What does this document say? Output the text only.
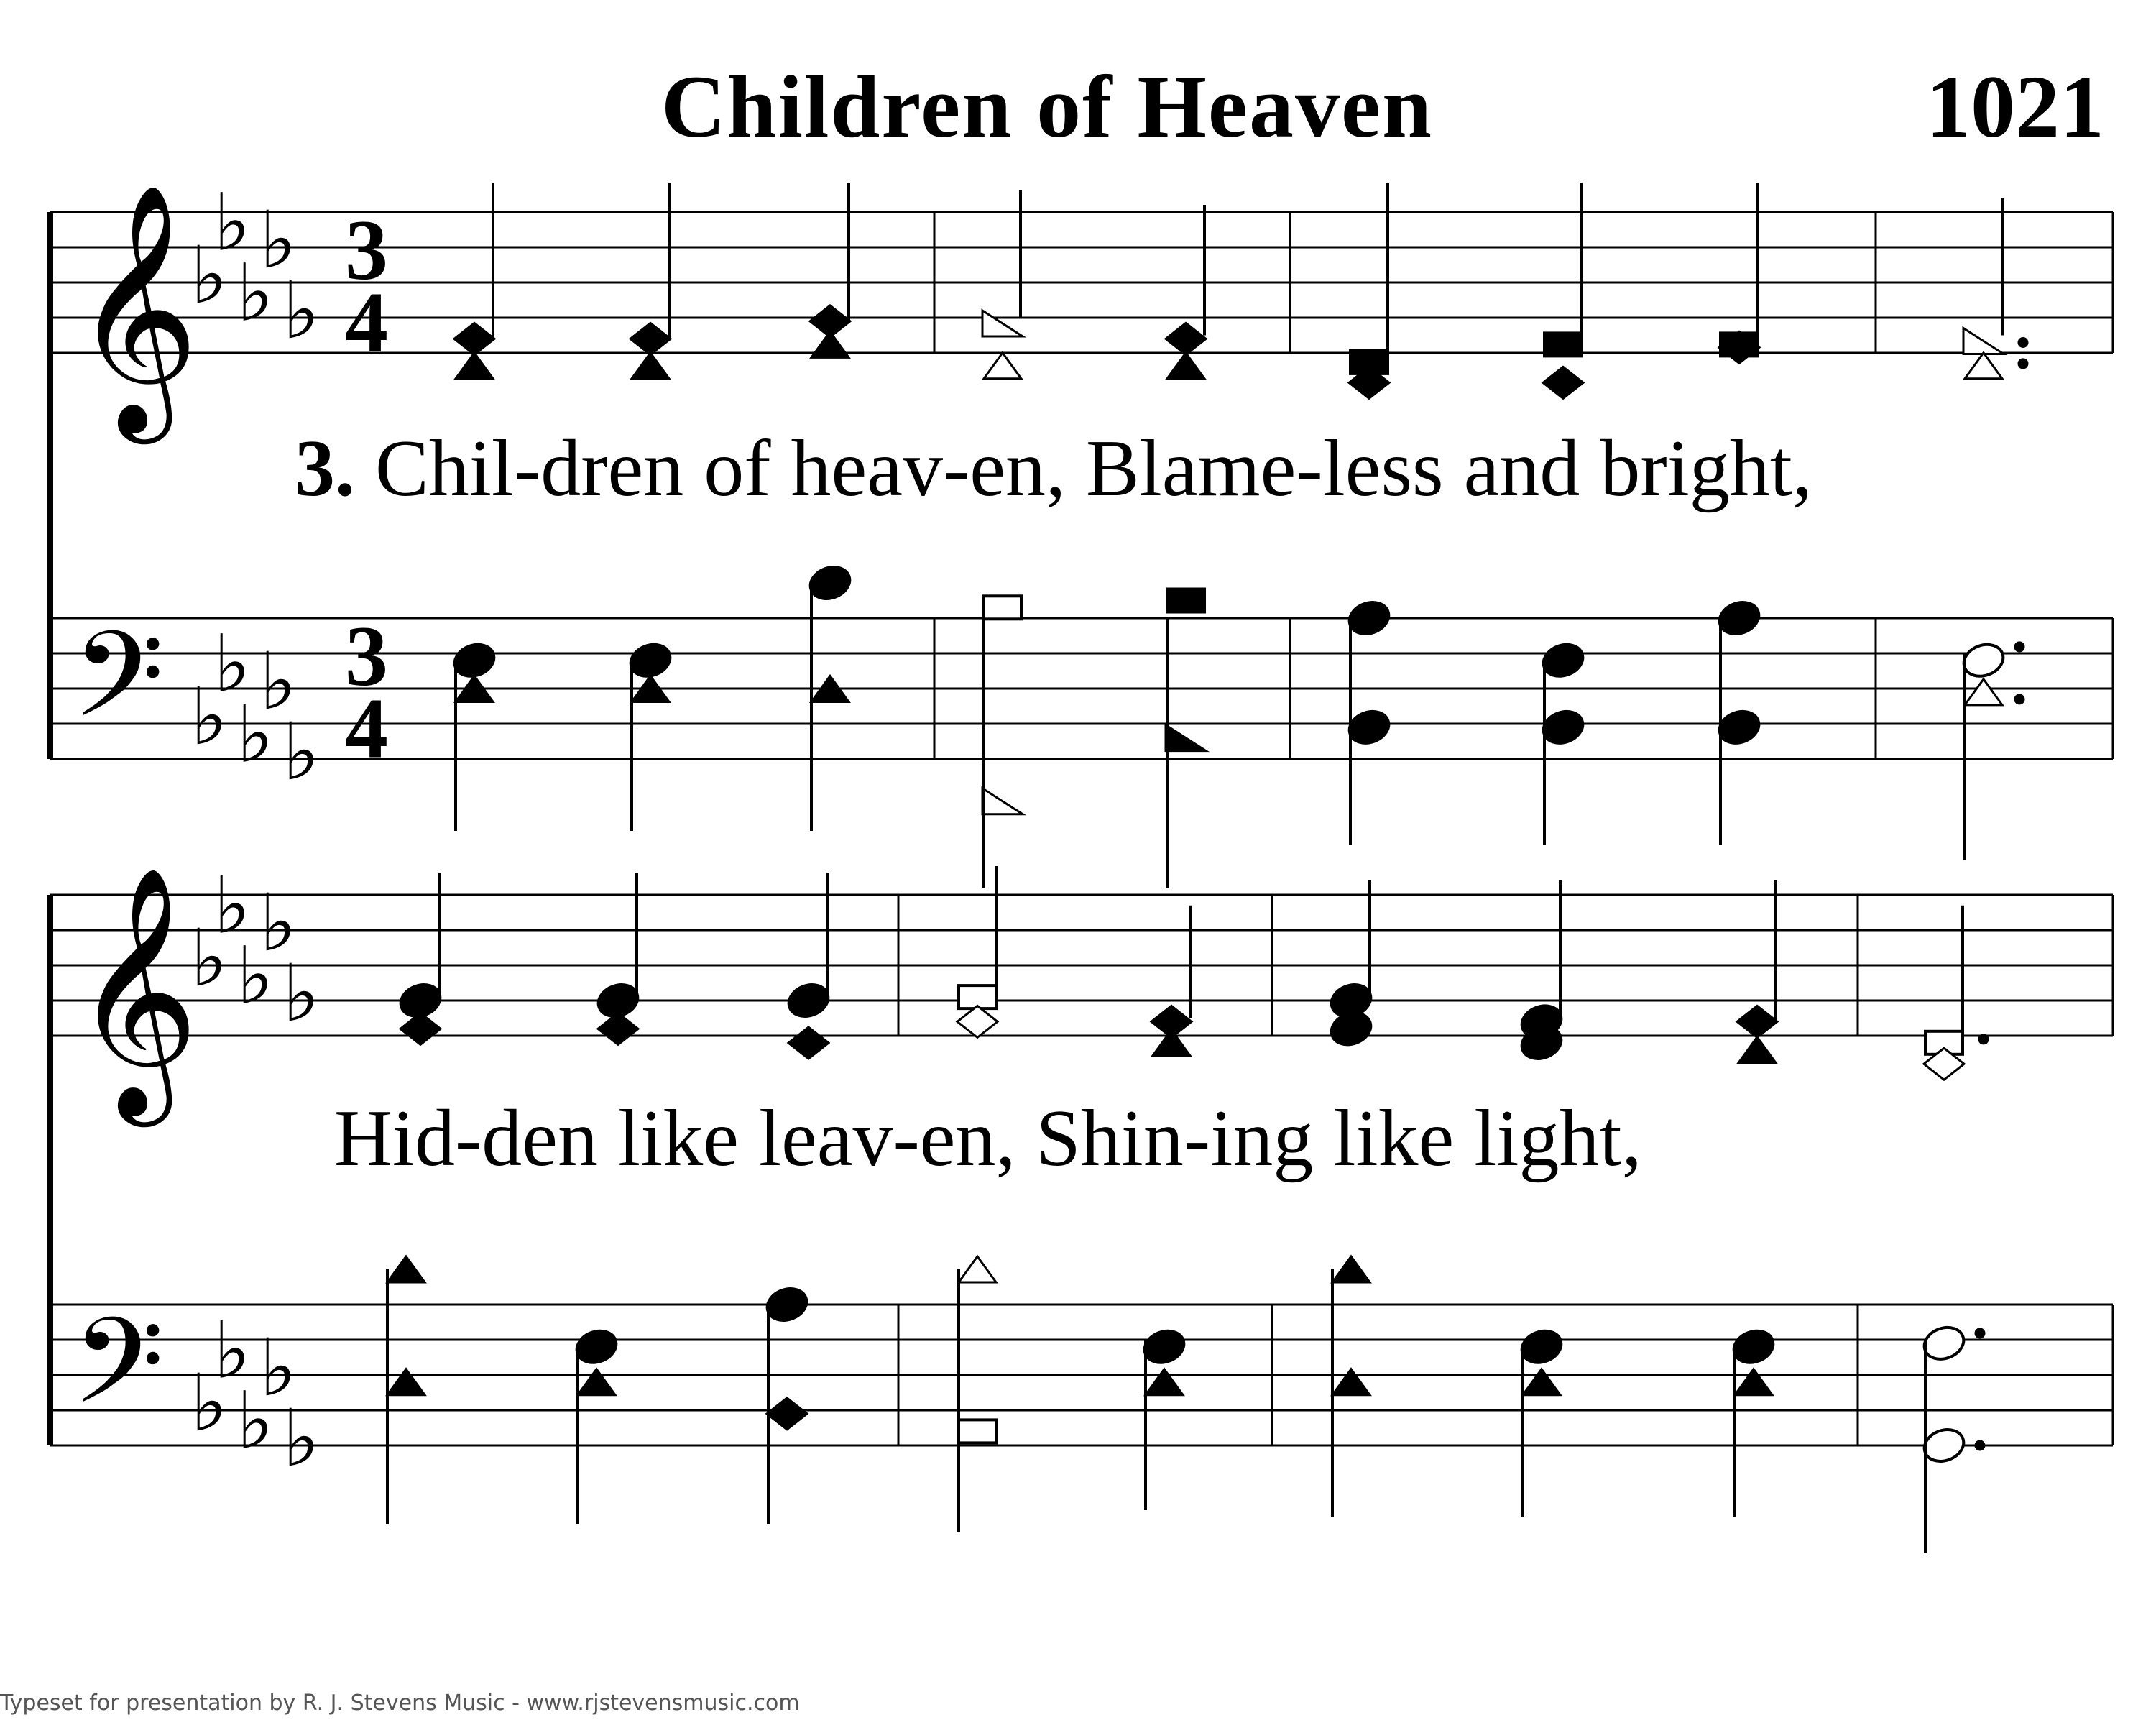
Children of Heaven	1021
𝄞
𝄢
𝄞
𝄢
♭
♭
♭
♭
♭
♭
♭
♭
♭
♭
♭
♭
♭
♭
♭
♭
♭
♭
♭
♭
3
4
3
4
3. Chil-dren of heav-en, Blame-less and bright,
Hid-den like leav-en, Shin-ing like light,
Typeset for presentation by R. J. Stevens Music - www.rjstevensmusic.com
